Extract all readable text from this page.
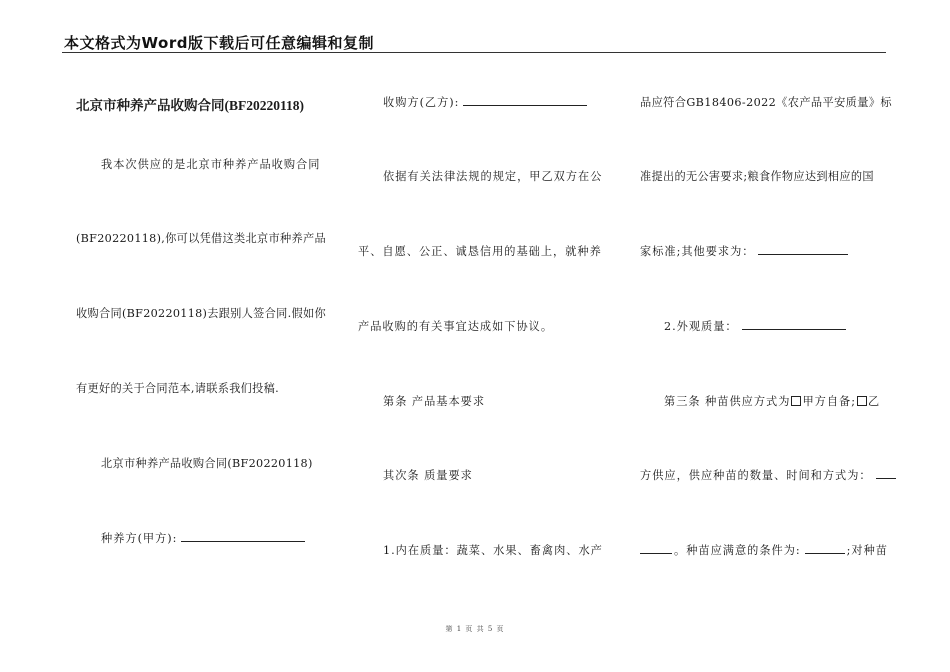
本文格式为Word版下载后可任意编辑和复制
北京市种养产品收购合同(BF20220118)
我本次供应的是北京市种养产品收购合同
(BF20220118),你可以凭借这类北京市种养产品
收购合同(BF20220118)去跟别人签合同.假如你
有更好的关于合同范本,请联系我们投稿.
北京市种养产品收购合同(BF20220118)
种养方(甲方):
收购方(乙方):
依据有关法律法规的规定，甲乙双方在公
平、自愿、公正、诚恳信用的基础上，就种养
产品收购的有关事宜达成如下协议。
第条 产品基本要求
其次条 质量要求
1.内在质量：蔬菜、水果、畜禽肉、水产
品应符合GB18406-2022《农产品平安质量》标
准提出的无公害要求;粮食作物应达到相应的国
家标准;其他要求为：
2.外观质量：
第三条 种苗供应方式为 甲方自备; 乙
方供应，供应种苗的数量、时间和方式为：
。种苗应满意的条件为:	;对种苗
第 1 页 共 5 页
